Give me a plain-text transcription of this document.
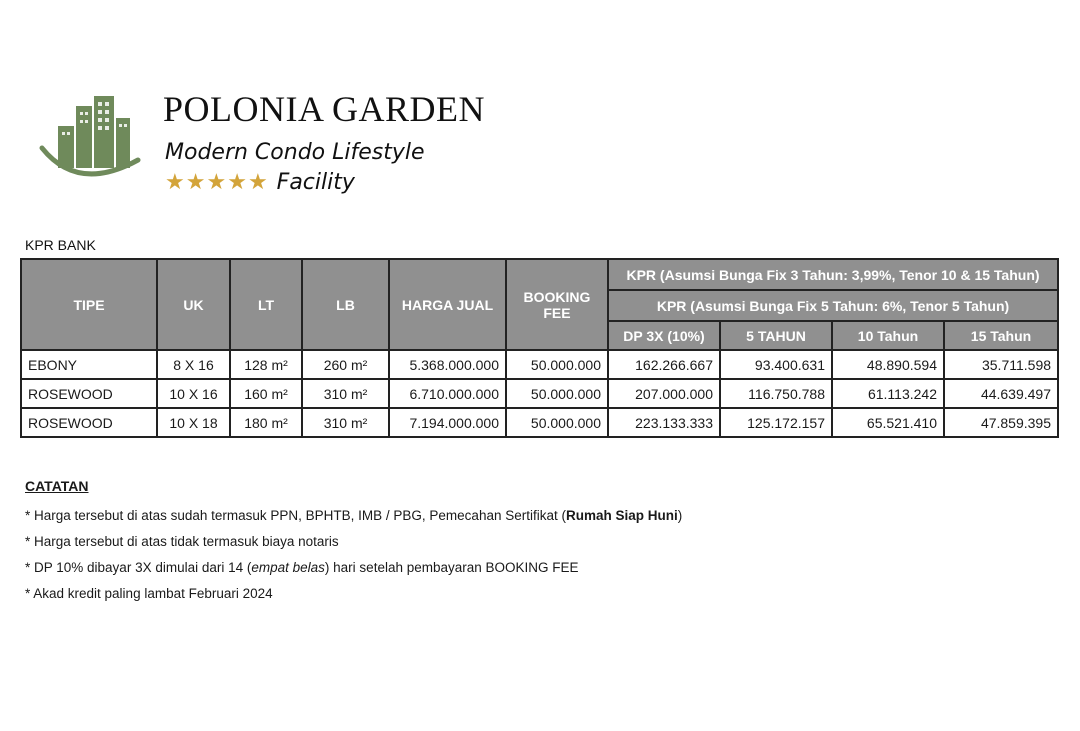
POLONIA GARDEN
Modern Condo Lifestyle
★ ★ ★ ★ ★ Facility
KPR BANK
TIPE	UK	LT	LB	HARGA JUAL	BOOKING FEE	KPR (Asumsi Bunga Fix 3 Tahun: 3,99%, Tenor 10 & 15 Tahun)			
						KPR (Asumsi Bunga Fix 5 Tahun: 6%, Tenor 5 Tahun)			
						DP 3X (10%)	5 TAHUN	10 Tahun	15 Tahun
EBONY	8 X 16	128 m²	260 m²	5.368.000.000	50.000.000	162.266.667	93.400.631	48.890.594	35.711.598
ROSEWOOD	10 X 16	160 m²	310 m²	6.710.000.000	50.000.000	207.000.000	116.750.788	61.113.242	44.639.497
ROSEWOOD	10 X 18	180 m²	310 m²	7.194.000.000	50.000.000	223.133.333	125.172.157	65.521.410	47.859.395
CATATAN
* Harga tersebut di atas sudah termasuk PPN, BPHTB, IMB / PBG, Pemecahan Sertifikat (Rumah Siap Huni)
* Harga tersebut di atas tidak termasuk biaya notaris
* DP 10% dibayar 3X dimulai dari 14 (empat belas) hari setelah pembayaran BOOKING FEE
* Akad kredit paling lambat Februari 2024
